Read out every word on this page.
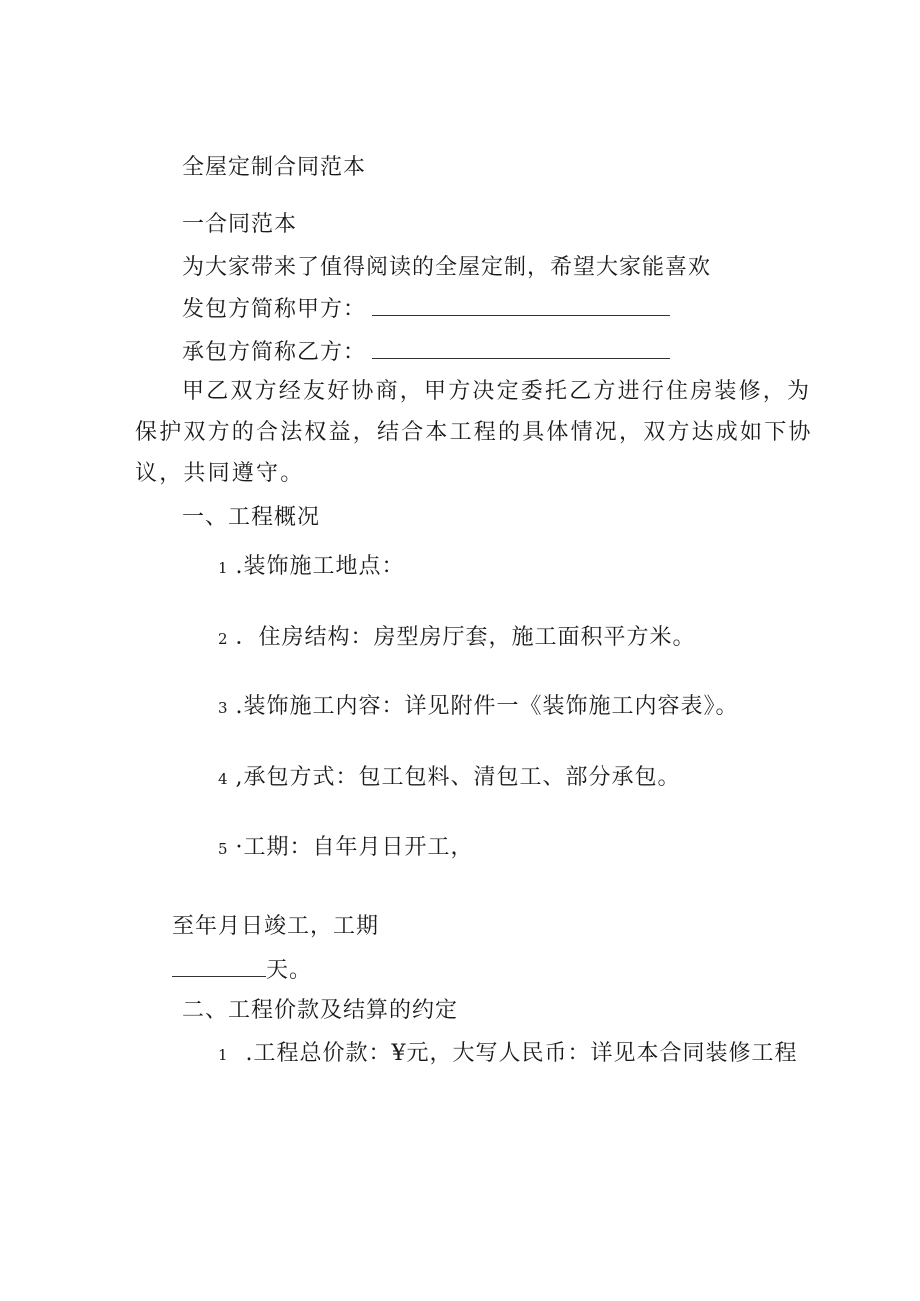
全屋定制合同范本
一合同范本
为大家带来了值得阅读的全屋定制，希望大家能喜欢
发包方简称甲方：
承包方简称乙方：
甲乙双方经友好协商，甲方决定委托乙方进行住房装修，为
保护双方的合法权益，结合本工程的具体情况，双方达成如下协
议，共同遵守。
一、工程概况
1 .装饰施工地点：
2 ．住房结构：房型房厅套，施工面积平方米。
3 .装饰施工内容：详见附件一《装饰施工内容表》。
4 ,承包方式：包工包料、清包工、部分承包。
5 ·工期：自年月日开工，
至年月日竣工，工期
天。
二、工程价款及结算的约定
1 .工程总价款：¥元，大写人民币：详见本合同装修工程
